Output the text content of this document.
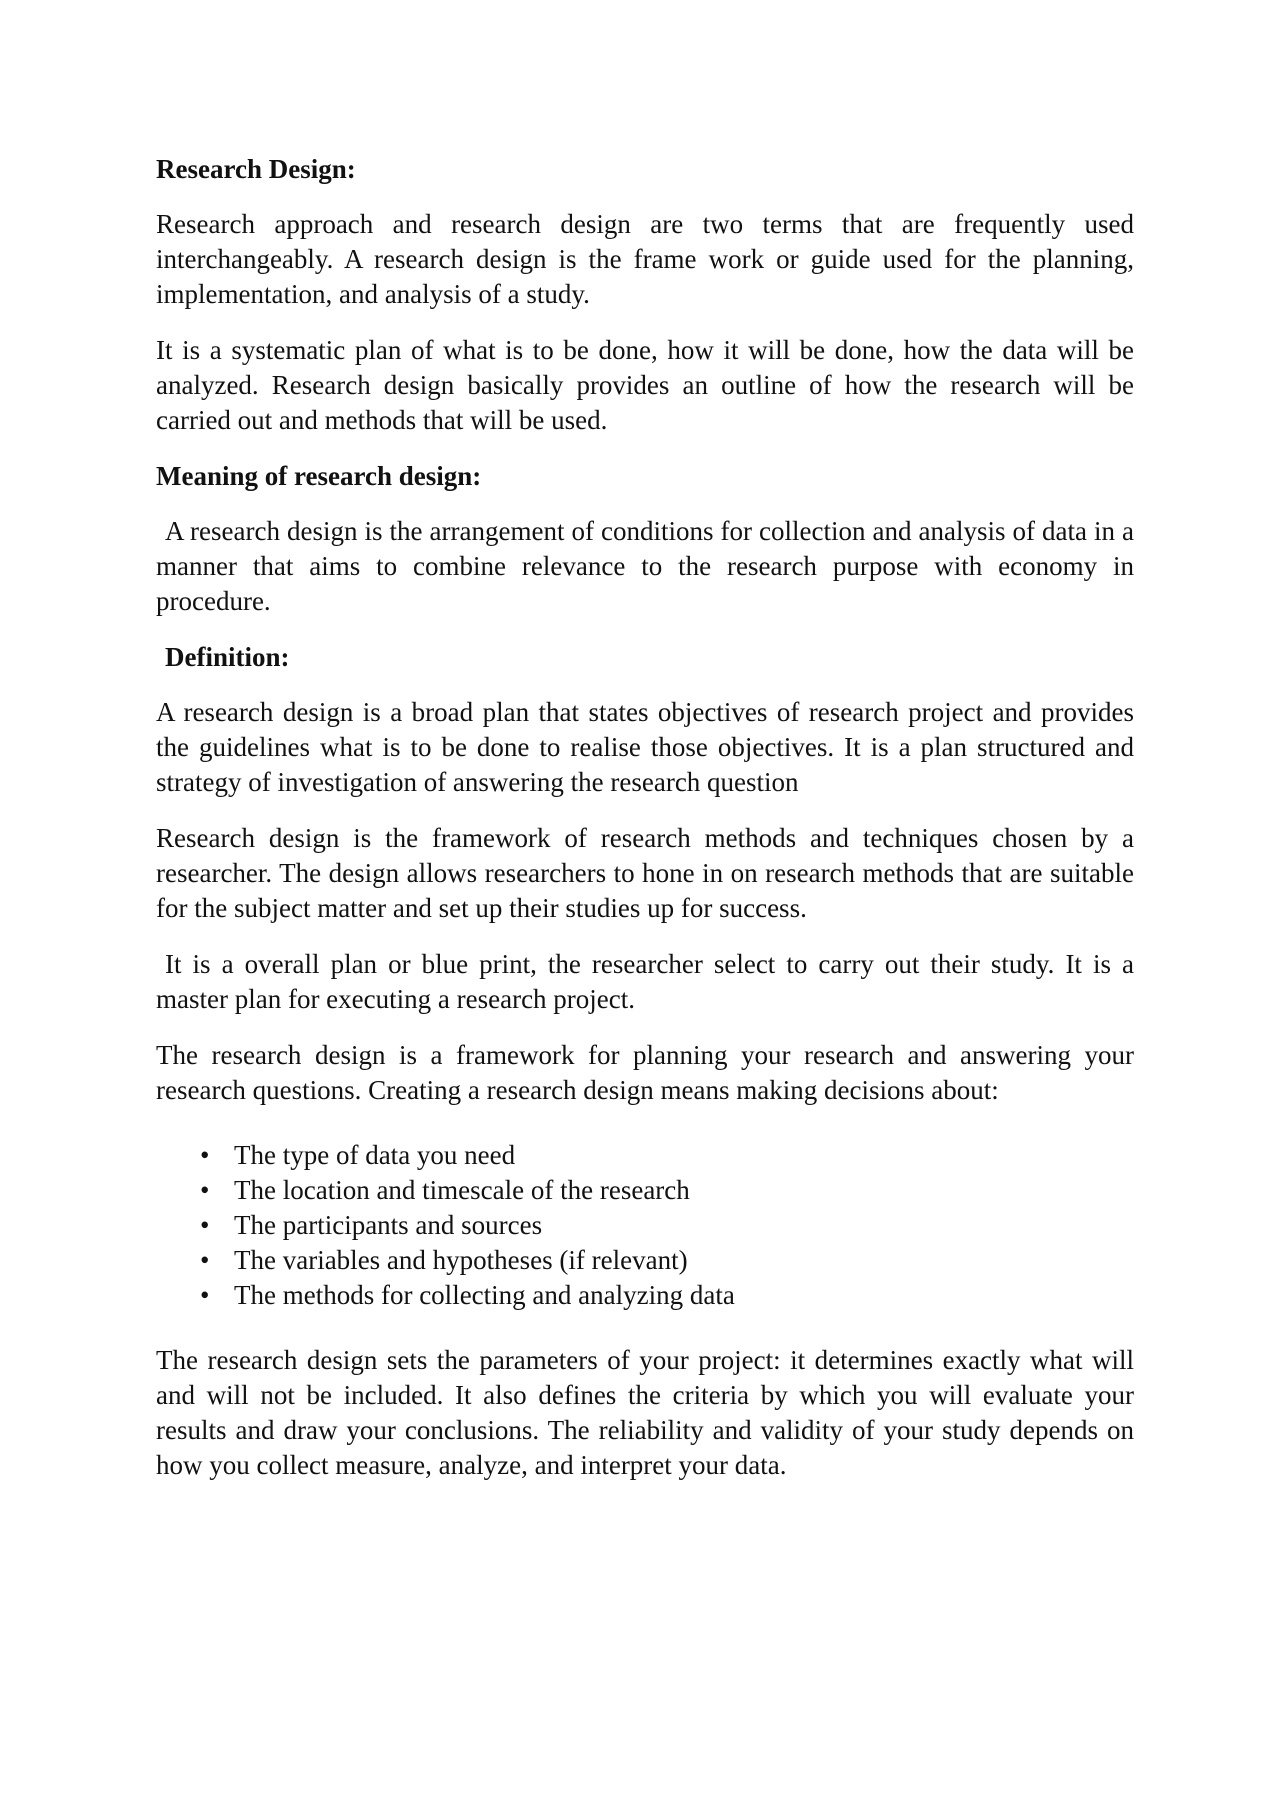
Research Design:

Research approach and research design are two terms that are frequently used interchangeably. A research design is the frame work or guide used for the planning, implementation, and analysis of a study.

It is a systematic plan of what is to be done, how it will be done, how the data will be analyzed. Research design basically provides an outline of how the research will be carried out and methods that will be used.

Meaning of research design:

A research design is the arrangement of conditions for collection and analysis of data in a manner that aims to combine relevance to the research purpose with economy in procedure.

Definition:

A research design is a broad plan that states objectives of research project and provides the guidelines what is to be done to realise those objectives. It is a plan structured and strategy of investigation of answering the research question

Research design is the framework of research methods and techniques chosen by a researcher. The design allows researchers to hone in on research methods that are suitable for the subject matter and set up their studies up for success.

It is a overall plan or blue print, the researcher select to carry out their study. It is a master plan for executing a research project.

The research design is a framework for planning your research and answering your research questions. Creating a research design means making decisions about:

• The type of data you need
• The location and timescale of the research
• The participants and sources
• The variables and hypotheses (if relevant)
• The methods for collecting and analyzing data

The research design sets the parameters of your project: it determines exactly what will and will not be included. It also defines the criteria by which you will evaluate your results and draw your conclusions. The reliability and validity of your study depends on how you collect measure, analyze, and interpret your data.
